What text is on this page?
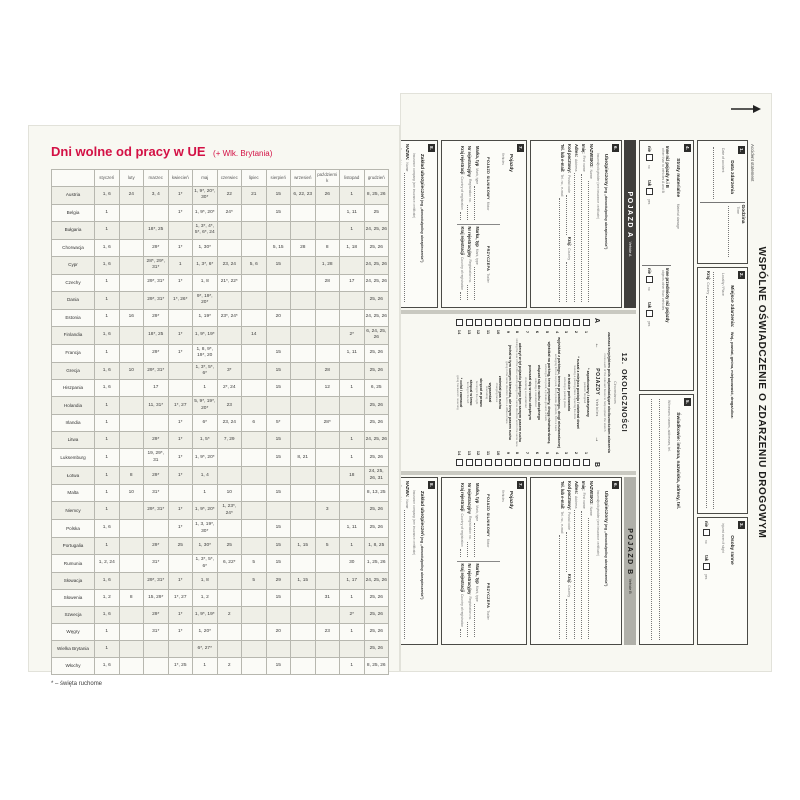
Dni wolne od pracy w UE (+ Wlk. Brytania)
	styczeń	luty	marzec	kwiecień	maj	czerwiec	lipiec	sierpień	wrzesień	październik	listopad	grudzień
Austria	1, 6	24	3, 4	1*	1, 9*, 20*, 30*	22	21	15	6, 22, 23	26	1	8, 25, 26
Belgia	1			1*	1, 9*, 20*	24*		15			1, 11	25
Bułgaria	1		18*, 25		1, 3*, 4*, 5*, 6*, 24						1	24, 25, 26
Chorwacja	1, 6		29*	1*	1, 30*			5, 15	28	8	1, 18	25, 26
Cypr	1, 6		28*, 29*, 31*	1	1, 3*, 6*	23, 24	5, 6	15		1, 28		24, 25, 26
Czechy	1		29*, 31*	1*	1, 8	21*, 22*				28	17	24, 25, 26
Dania	1		29*, 31*	1*, 26*	9*, 19*, 20*							25, 26
Estonia	1	16	29*		1, 19*	23*, 24*		20				24, 25, 26
Finlandia	1, 6		18*, 25	1*	1, 9*, 19*		14				2*	6, 24, 25, 26
Francja	1		29*	1*	1, 8, 9*, 19*, 20			15			1, 11	25, 26
Grecja	1, 6	10	29*, 31*		1, 3*, 5*, 6*	3*		15		28		25, 26
Hiszpania	1, 6		17		1	2*, 24		15		12	1	6, 25
Holandia	1		11, 31*	1*, 27	5, 9*, 19*, 20*	23						25, 26
Irlandia	1			1*	6*	23, 24	6	5*		28*		25, 26
Litwa	1		29*	1*	1, 5*	7, 29		15			1	24, 25, 26
Luksemburg	1		19, 29*, 31	1*	1, 9*, 20*			15	8, 21		1	25, 26
Łotwa	1	8	29*	1*	1, 4						18	24, 25, 26, 31
Malta	1	10	31*		1	10		15				8, 13, 25
Niemcy	1		29*, 31*	1*	1, 9*, 20*	1, 23*, 24*				3		25, 26
Polska	1, 6			1*	1, 3, 19*, 30*			15			1, 11	25, 26
Portugalia	1		29*	25	1, 30*	25		15	1, 15	5	1	1, 8, 25
Rumunia	1, 2, 24		31*		1, 3*, 5*, 6*	6, 22*	5	15			30	1, 25, 26
Słowacja	1, 6		29*, 31*	1*	1, 8		5	29	1, 15		1, 17	24, 25, 26
Słowenia	1, 2	8	15, 29*	1*, 27	1, 2			15		31	1	25, 26
Szwecja	1, 6		29*	1*	1, 9*, 19*	2					2*	25, 26
Węgry	1		31*	1*	1, 20*			20		23	1	25, 26
Wielka Brytania	1				6*, 27*							25, 26
Włochy	1, 6			1*, 25	1	2		15			1	8, 25, 26
* – święta ruchome
WSPÓLNE OŚWIADCZENIE O ZDARZENIU DROGOWYM
Accident statement
1. Data zdarzenia
Date of accident
Godzina
Time
2. Miejsce zdarzenia: Woj., powiat, gmina, miejscowość, droga/ulica:
Locality / Place
Kraj:
Country
3. Osoby ranne
injured even if slight
nie
no

tak
yes
4. Straty materialne Material damage
Inne niż pojazdy A i B
other than to vehicles A and B
nie
no

tak
yes
Inne przedmioty niż pojazdy
objects other than vehicles
nie
no

tak
yes
5. Świadkowie: imiona, nazwiska, adresy, tel.
Witnesses: names, addresses, tel.
POJAZD A
Vehicle A
6.Ubezpieczony(wg „dowodu/polisy ubezpieczenia”)
Insured/policyholder (see insurance certificate)
NAZWISKO:
Name
Imię:
First name
Adres:
Address
Kod pocztowy:
Postal code
Kraj:
Country
Tel. lub e-mail:
Tel. no., e-mail
7.Pojazdy
Vehicles
POJAZD SILNIKOWYMotor
Marka, typ
Mark, type
Nr rejestracyjny
Registration no.
Kraj rejestracji
Country of registration
PRZYCZEPATrailer
Marka, typ
Mark, type
Nr rejestracyjny
Registration no.
Kraj rejestracji
Country of registration
8.Zakład ubezpieczeń(wg „dowodu/polisy ubezpieczenia”)
Insurance company (see insurance certificate)
NAZWA:
Name
12. OKOLICZNOŚCI
Circumstances
zaznacz krzyżykiem pola odpowiadające okolicznościom zdarzenia
cross each of the relevant boxes to help explain the sketch
A
←
POJAZDY Vehicles
→
B
1
* zaparkowany / zatrzymany
parked / stopped
1
2
* ruszał z miejsca postoju / otwierał drzwi
leaving a parking place / opening the door
2
3
w trakcie parkowania
entering a parking place
3
4
wyjeżdżał z parkingu, terenu prywatnego, drogi nieutwardzonej
emerging from a car park, from private grounds, from a track
4
5
wjeżdżał na parking, teren prywatny, drogę nieutwardzoną
entering a car park, a private ground, a track
5
6
włączał się do ruchu okrężnego
entering a roundabout
6
7
poruszał się w ruchu okrężnym
circulating a roundabout
7
8
uderzył w tył pojazdu jadącego tym samym pasem ruchu
striking the rear of the other vehicle going in the same direction and in the same lane
8
9
jechał w tym samym kierunku, ale innym pasem ruchu
going in the same direction but in a different lane
9
10
zmieniał pas ruchu
changing lanes
10
11
wyprzedzał
overtaking
11
12
skręcał w prawo
turning to the right
12
13
skręcał w lewo
turning to the left
13
14
* cofał / zawracał
going backward / reversing
14
POJAZD B
Vehicle B
6.Ubezpieczony(wg „dowodu/polisy ubezpieczenia”)
Insured/policyholder (see insurance certificate)
NAZWISKO:
Name
Imię:
First name
Adres:
Address
Kod pocztowy:
Postal code
Kraj:
Country
Tel. lub e-mail:
Tel. no., e-mail
7.Pojazdy
Vehicles
POJAZD SILNIKOWYMotor
Marka, typ
Mark, type
Nr rejestracyjny
Registration no.
Kraj rejestracji
Country of registration
PRZYCZEPATrailer
Marka, typ
Mark, type
Nr rejestracyjny
Registration no.
Kraj rejestracji
Country of registration
8.Zakład ubezpieczeń(wg „dowodu/polisy ubezpieczenia”)
Insurance company (see insurance certificate)
NAZWA:
Name
